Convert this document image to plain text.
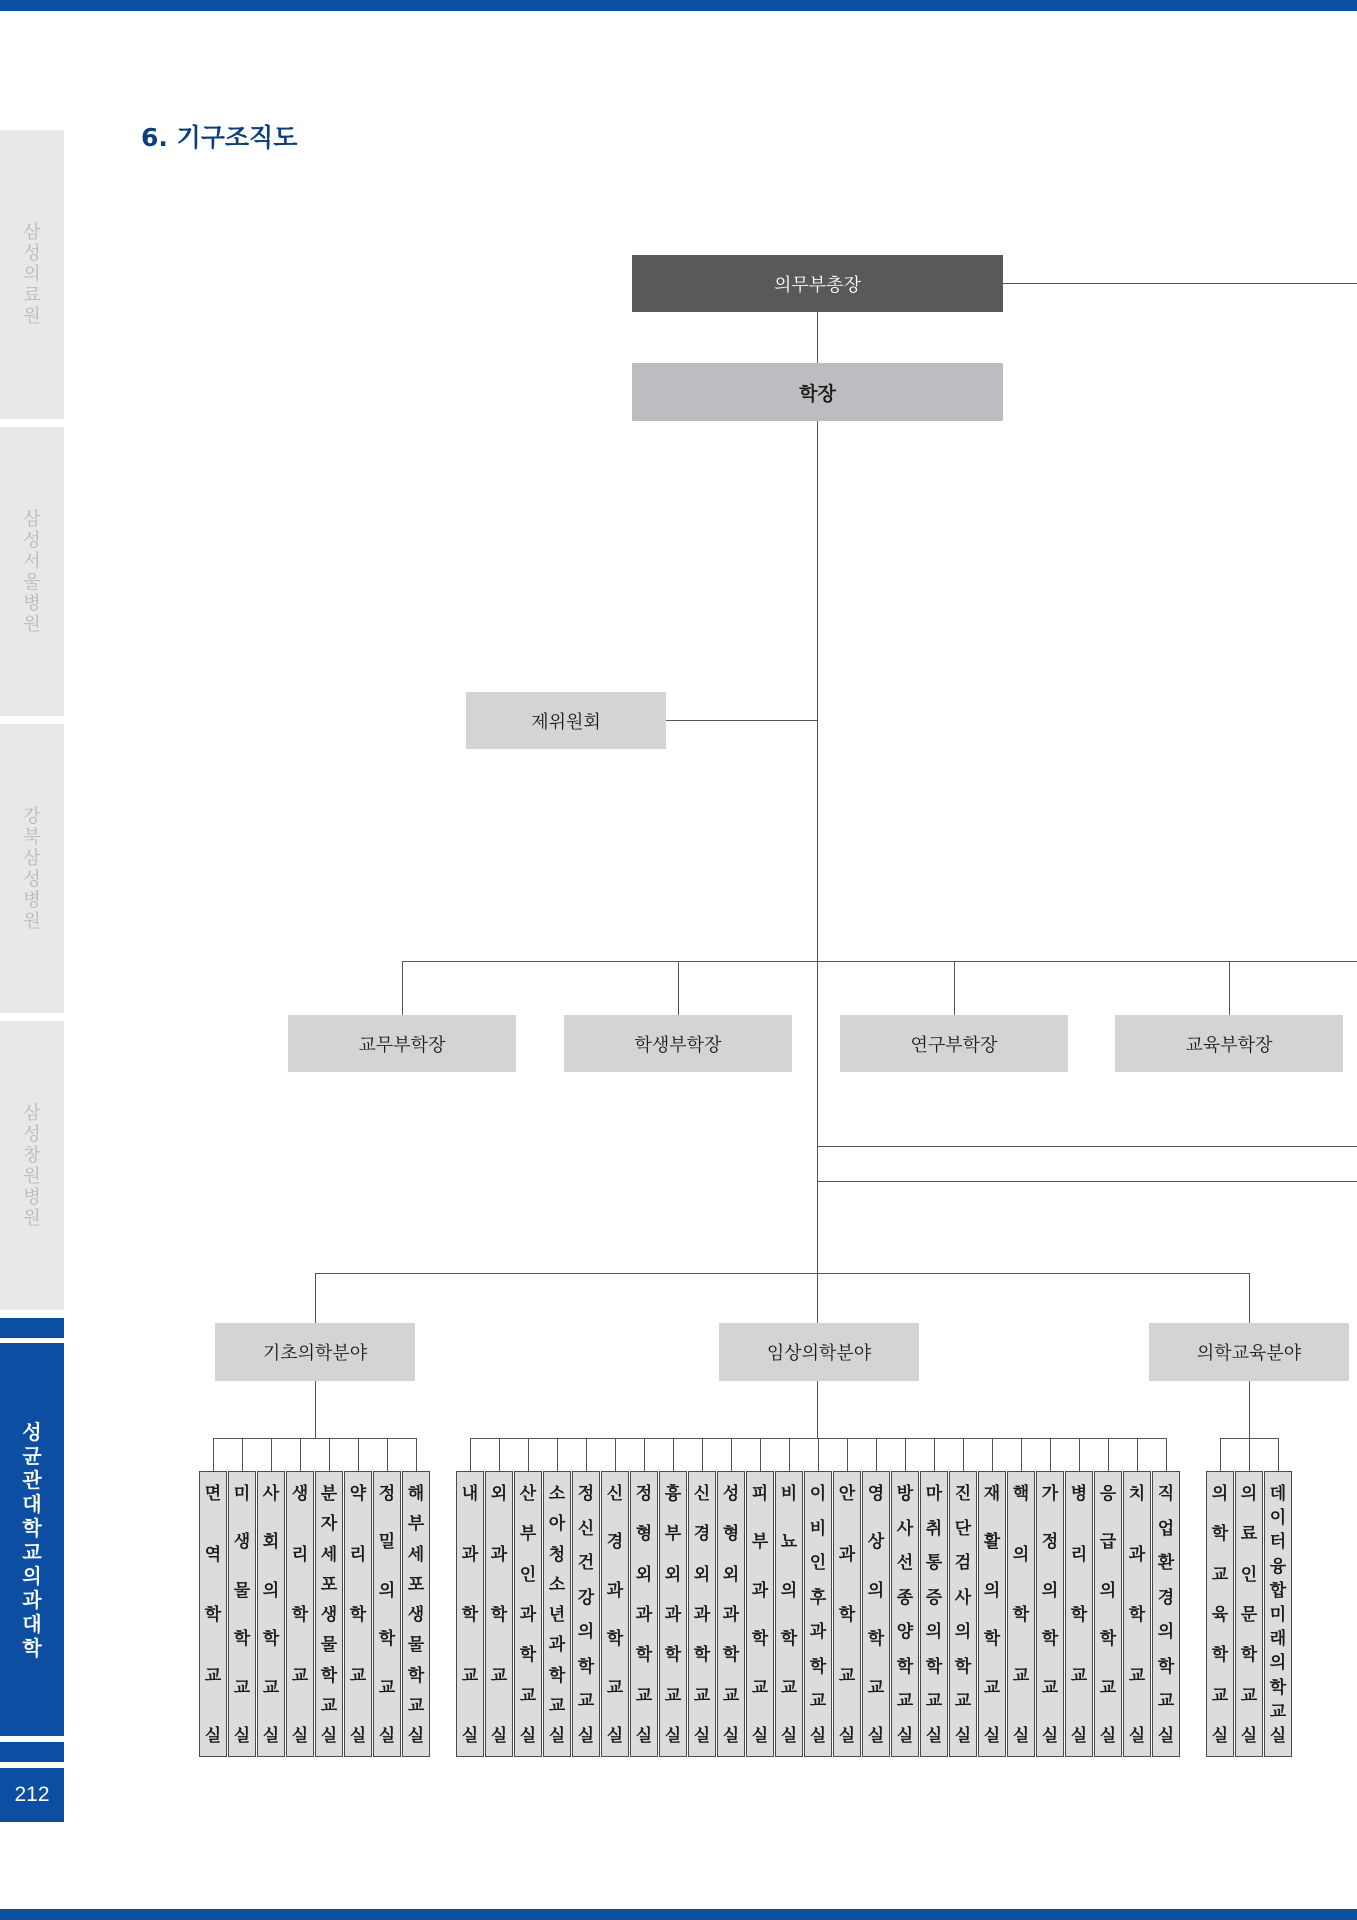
삼성의료원
삼성서울병원
강북삼성병원
삼성창원병원
성균관대학교 의과대학
212
6. 기구조직도
의무부총장
학장
제위원회
교무부학장	학생부학장	연구부학장	교육부학장
기초의학분야	임상의학분야	의학교육분야
면
역
학
교
실
미
생
물
학
교
실
사
회
의
학
교
실
생
리
학
교
실
분
자
세
포
생
물
학
교
실
약
리
학
교
실
정
밀
의
학
교
실
해
부
세
포
생
물
학
교
실
내
과
학
교
실
외
과
학
교
실
산
부
인
과
학
교
실
소
아
청
소
년
과
학
교
실
정
신
건
강
의
학
교
실
신
경
과
학
교
실
정
형
외
과
학
교
실
흉
부
외
과
학
교
실
신
경
외
과
학
교
실
성
형
외
과
학
교
실
피
부
과
학
교
실
비
뇨
의
학
교
실
이
비
인
후
과
학
교
실
안
과
학
교
실
영
상
의
학
교
실
방
사
선
종
양
학
교
실
마
취
통
증
의
학
교
실
진
단
검
사
의
학
교
실
재
활
의
학
교
실
핵
의
학
교
실
가
정
의
학
교
실
병
리
학
교
실
응
급
의
학
교
실
치
과
학
교
실
직
업
환
경
의
학
교
실
의
학
교
육
학
교
실
의
료
인
문
학
교
실
데
이
터
융
합
미
래
의
학
교
실
